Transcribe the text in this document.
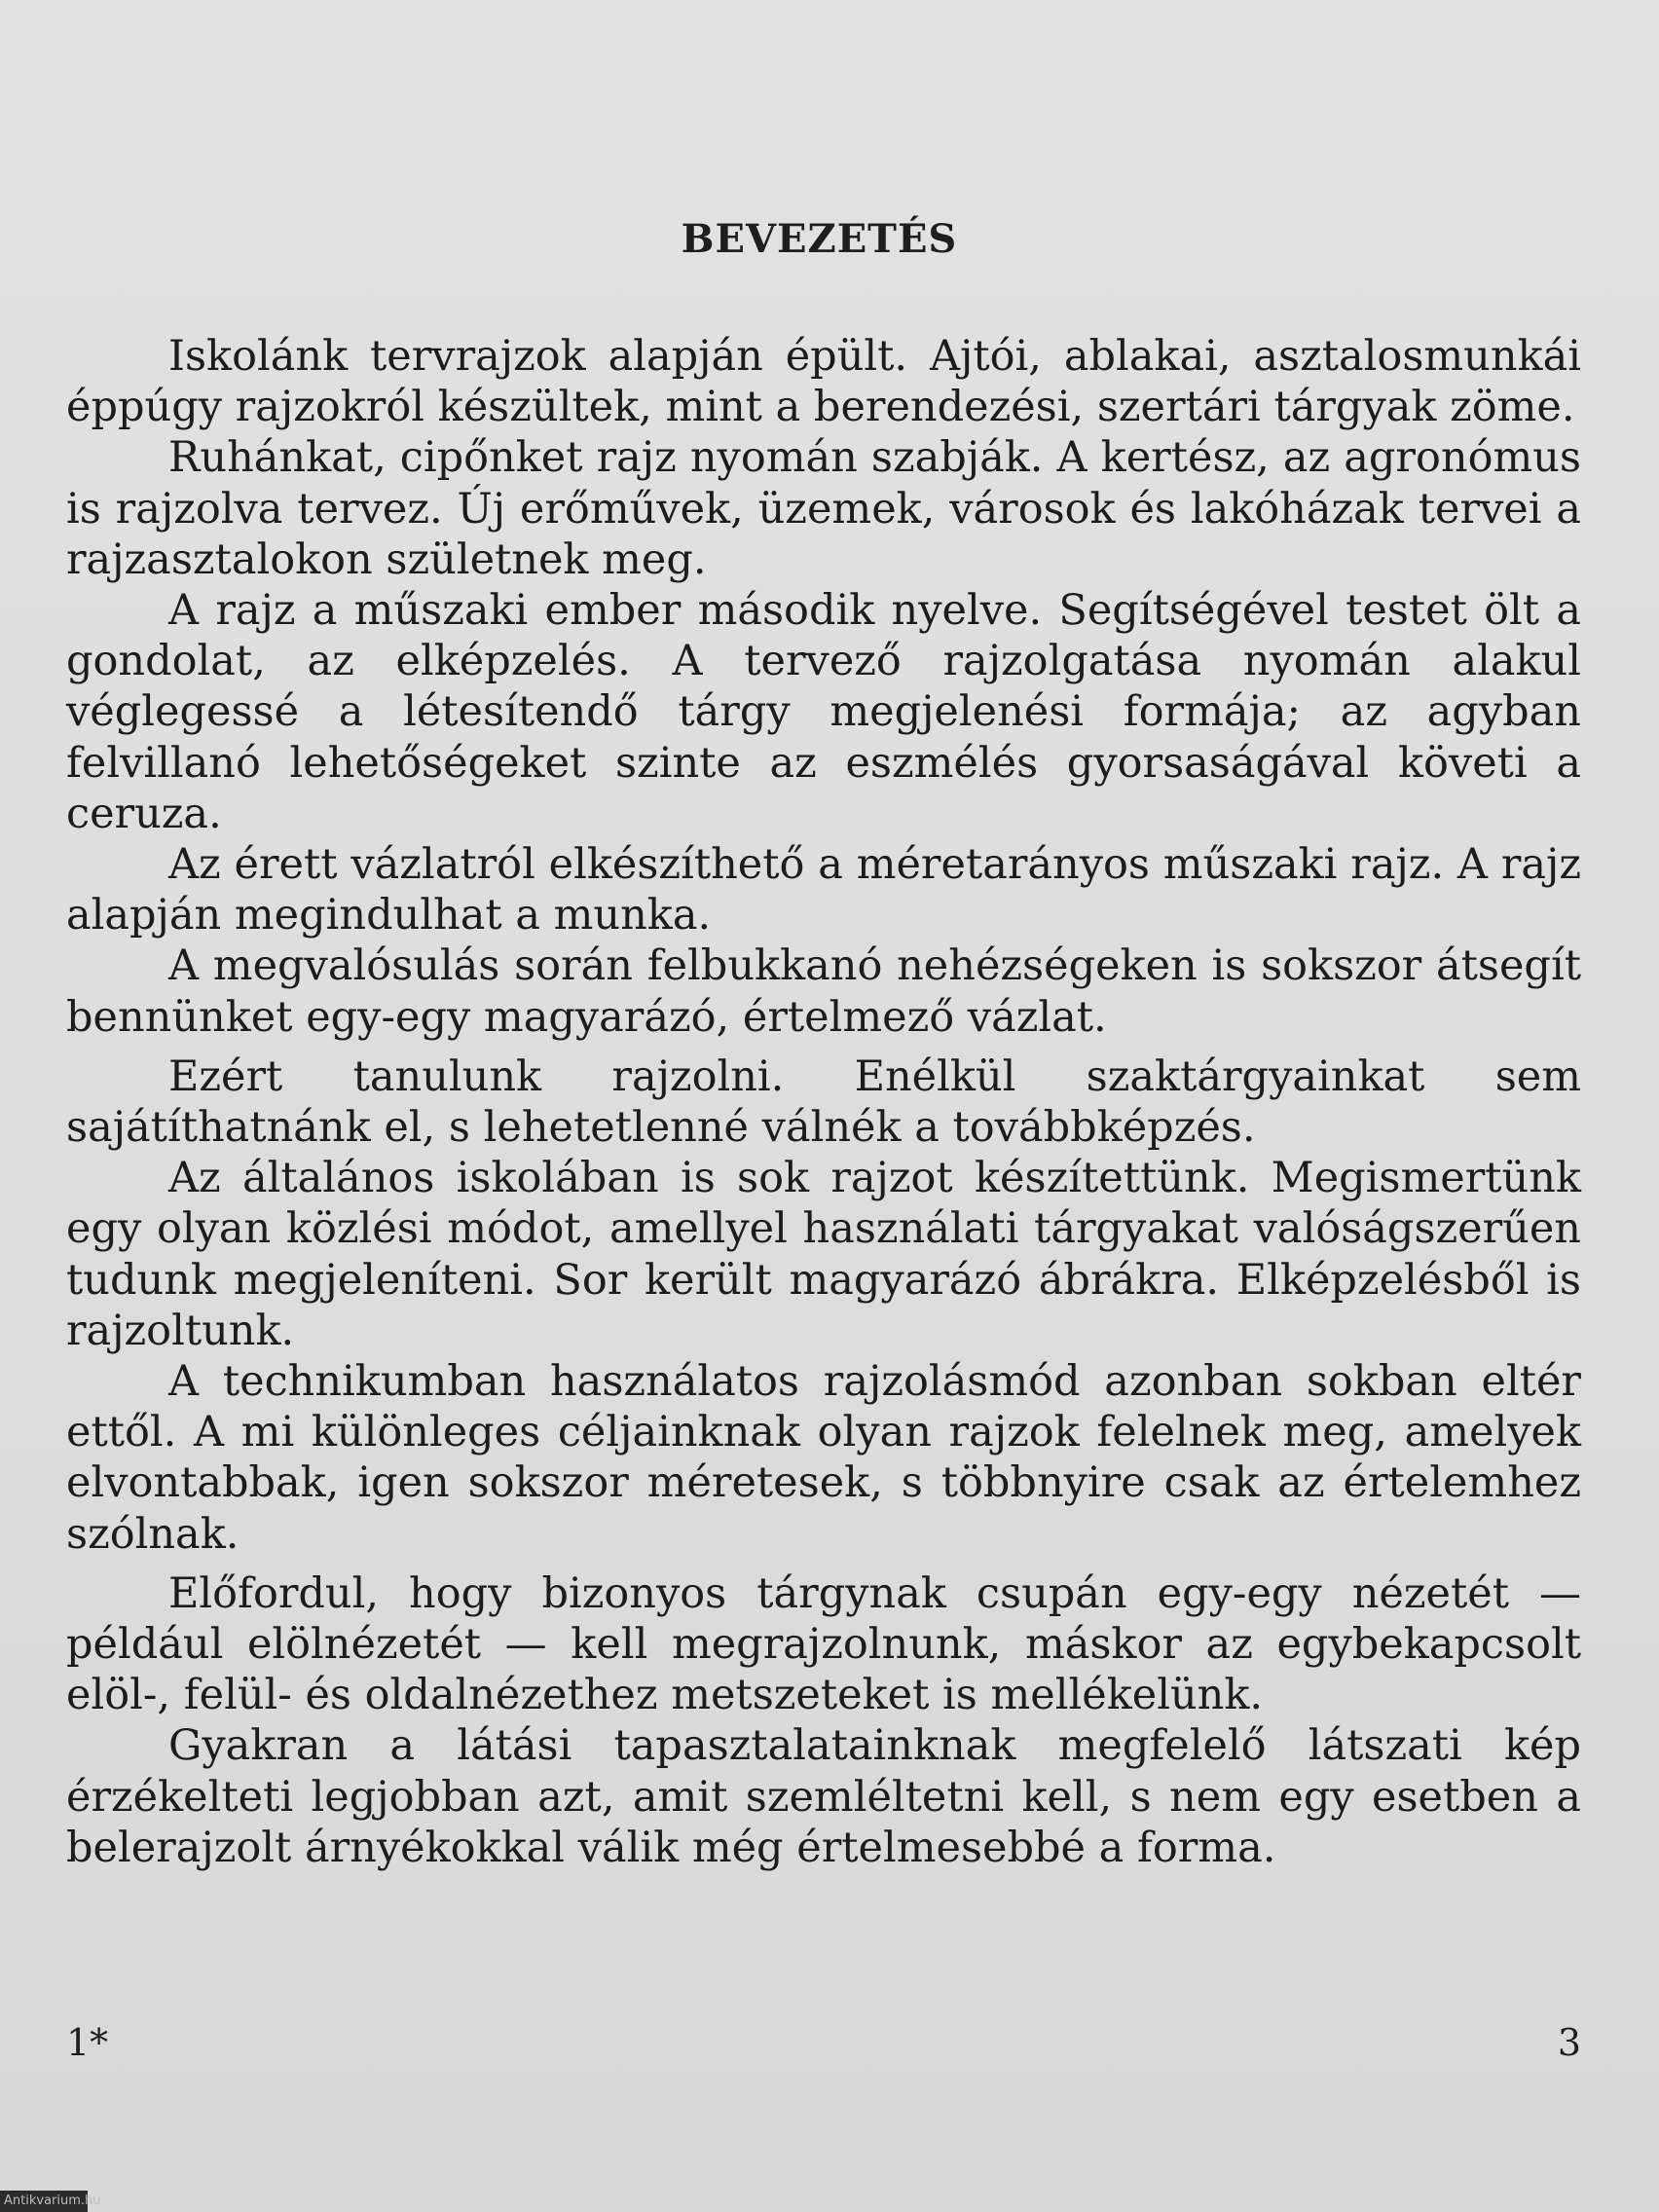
BEVEZETÉS

Iskolánk tervrajzok alapján épült. Ajtói, ablakai, asztalosmunkái éppúgy rajzokról készültek, mint a berendezési, szertári tárgyak zöme.

Ruhánkat, cipőnket rajz nyomán szabják. A kertész, az agronómus is rajzolva tervez. Új erőművek, üzemek, városok és lakóházak tervei a rajzasztalokon születnek meg.

A rajz a műszaki ember második nyelve. Segítségével testet ölt a gondolat, az elképzelés. A tervező rajzolgatása nyomán alakul véglegessé a létesítendő tárgy megjelenési formája; az agyban felvillanó lehetőségeket szinte az eszmélés gyorsaságával követi a ceruza.

Az érett vázlatról elkészíthető a méretarányos műszaki rajz. A rajz alapján megindulhat a munka.

A megvalósulás során felbukkanó nehézségeken is sokszor átsegít bennünket egy-egy magyarázó, értelmező vázlat.

Ezért tanulunk rajzolni. Enélkül szaktárgyainkat sem sajátíthatnánk el, s lehetetlenné válnék a továbbképzés.

Az általános iskolában is sok rajzot készítettünk. Megismertünk egy olyan közlési módot, amellyel használati tárgyakat valóságszerűen tudunk megjeleníteni. Sor került magyarázó ábrákra. Elképzelésből is rajzoltunk.

A technikumban használatos rajzolásmód azonban sokban eltér ettől. A mi különleges céljainknak olyan rajzok felelnek meg, amelyek elvontabbak, igen sokszor méretesek, s többnyire csak az értelemhez szólnak.

Előfordul, hogy bizonyos tárgynak csupán egy-egy nézetét — például elölnézetét — kell megrajzolnunk, máskor az egybekapcsolt elöl-, felül- és oldalnézethez metszeteket is mellékelünk.

Gyakran a látási tapasztalatainknak megfelelő látszati kép érzékelteti legjobban azt, amit szemléltetni kell, s nem egy esetben a belerajzolt árnyékokkal válik még értelmesebbé a forma.

1*	3
Antikvarium.hu
